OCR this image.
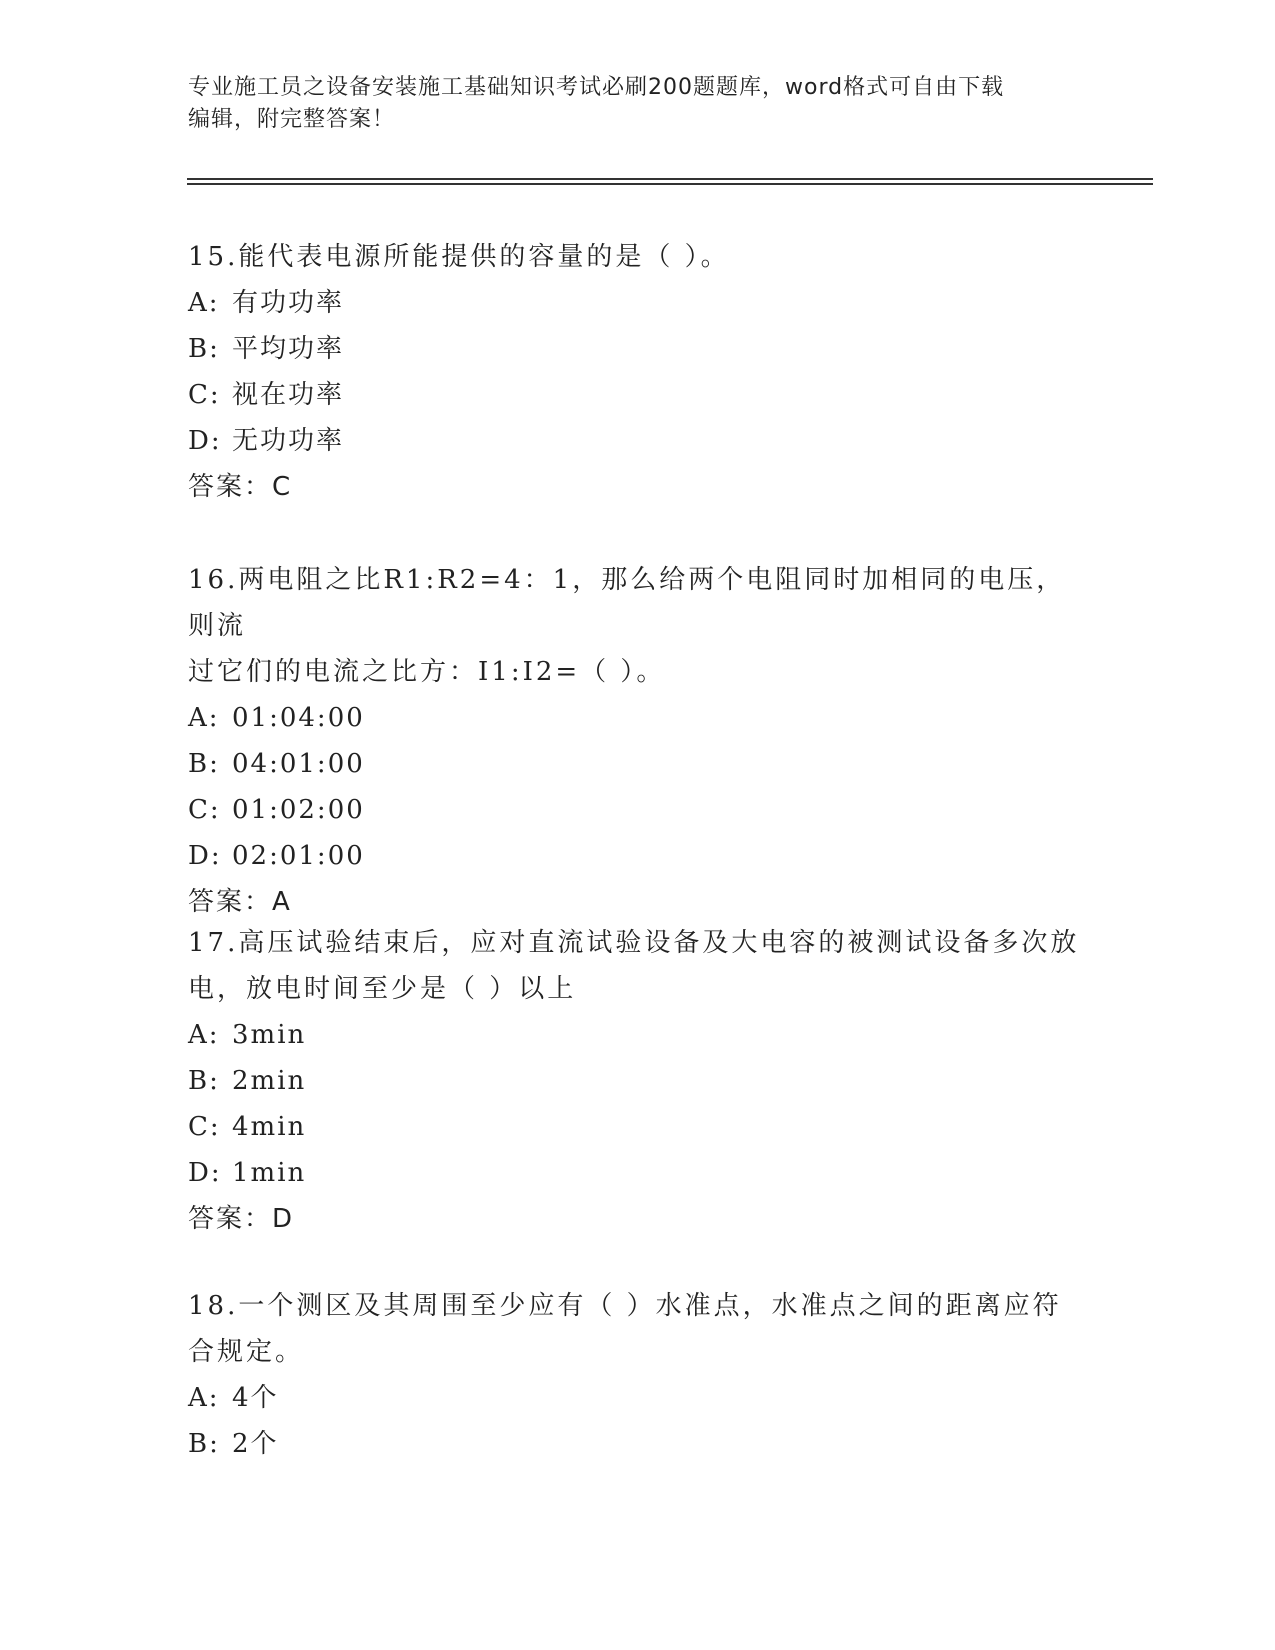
专业施工员之设备安装施工基础知识考试必刷200题题库，word格式可自由下载
编辑，附完整答案！

15.能代表电源所能提供的容量的是（ ）。

A: 有功功率

B: 平均功率

C: 视在功率

D: 无功功率

答案：C

16.两电阻之比R1:R2=4：1，那么给两个电阻同时加相同的电压，则流

过它们的电流之比方：I1:I2=（ ）。

A: 01:04:00

B: 04:01:00

C: 01:02:00

D: 02:01:00

答案：A

17.高压试验结束后，应对直流试验设备及大电容的被测试设备多次放

电，放电时间至少是（ ）以上

A: 3min

B: 2min

C: 4min

D: 1min

答案：D

18.一个测区及其周围至少应有（ ）水准点，水准点之间的距离应符

合规定。

A: 4个

B: 2个
